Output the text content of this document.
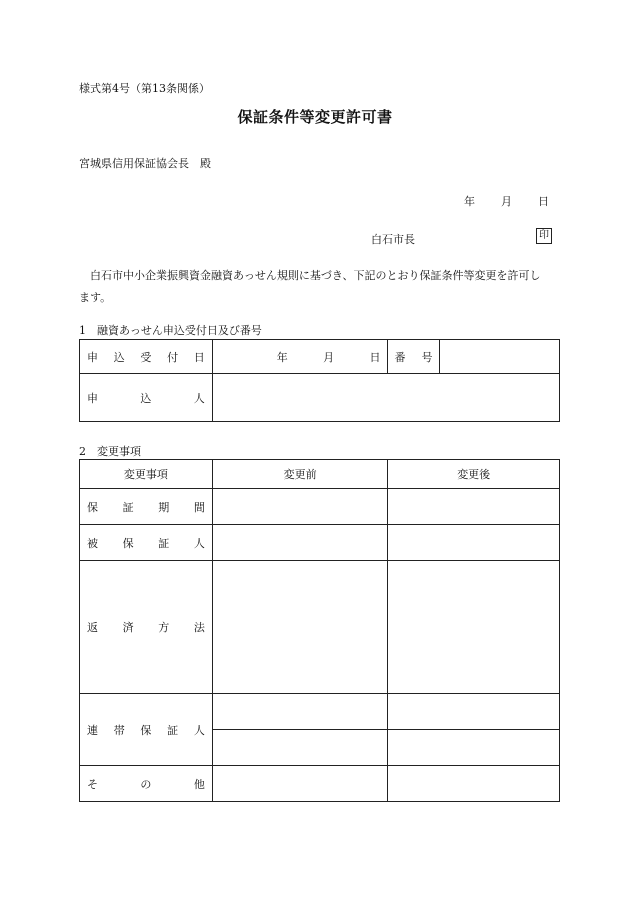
様式第4号（第13条関係）
保証条件等変更許可書
宮城県信用保証協会長　殿
年 月 日
白石市長	印
白石市中小企業振興資金融資あっせん規則に基づき、下記のとおり保証条件等変更を許可します。
1　融資あっせん申込受付日及び番号
申 込 受 付 日	年 月 日	番 号	

申 込 人			

2　変更事項
変更事項	変更前	変更後

保 証 期 間		

被 保 証 人		

返 済 方 法		

連 帯 保 証 人		

そ の 他		
